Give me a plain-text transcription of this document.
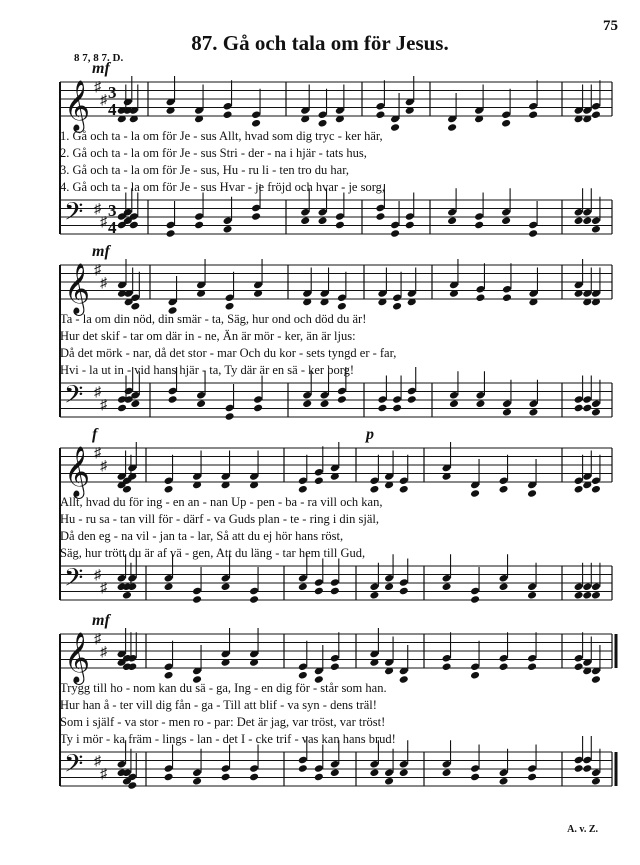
75
87. Gå och tala om för Jesus.
8 7, 8 7. D.
𝄞
𝄢
♯
♯
♯
♯
3
3
4
4
mf
1. Gå och ta - la om för Je - sus Allt, hvad som dig tryc - ker här,
2. Gå och ta - la om för Je - sus Stri - der - na i hjär - tats hus,
3. Gå och ta - la om för Je - sus, Hu - ru li - ten tro du har,
4. Gå och ta - la om för Je - sus Hvar - je fröjd och hvar - je sorg,
𝄞
𝄢
♯
♯
♯
♯
mf
Ta - la om din nöd, din smär - ta, Säg, hur ond och död du är!
Hur det skif - tar om där in - ne, Än är mör - ker, än är ljus:
Då det mörk - nar, då det stor - mar Och du kor - sets tyngd er - far,
Hvi - la ut in - vid hans hjär - ta, Ty där är en sä - ker borg!
𝄞
𝄢
♯
♯
♯
♯
f	p
Allt, hvad du för ing - en an - nan Up - pen - ba - ra vill och kan,
Hu - ru sa - tan vill för - därf - va Guds plan - te - ring i din själ,
Då den eg - na vil - jan ta - lar, Så att du ej hör hans röst,
Säg, hur trött du är af vä - gen, Att du läng - tar hem till Gud,
𝄞
𝄢
♯
♯
♯
♯
mf
Trygg till ho - nom kan du sä - ga, Ing - en dig för - står som han.
Hur han å - ter vill dig fån - ga - Till att blif - va syn - dens träl!
Som i själf - va stor - men ro - par: Det är jag, var tröst, var tröst!
Ty i mör - ka främ - lings - lan - det I - cke trif - vas kan hans brud!
A. v. Z.
